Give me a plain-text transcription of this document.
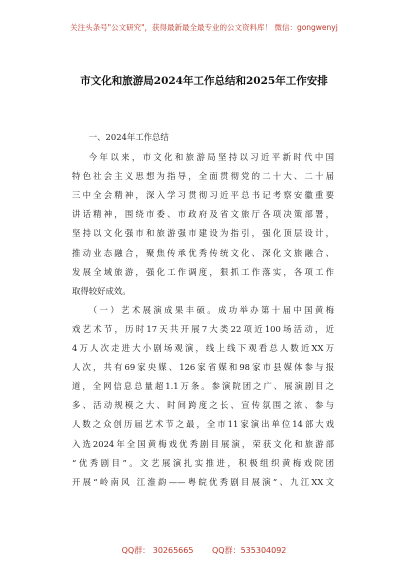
关注头条号"公文研究"，获得最新最全最专业的公文资料库！ 微信：gongwenyj
市文化和旅游局2024年工作总结和2025年工作安排

一、2024年工作总结

今年以来，市文化和旅游局坚持以习近平新时代中国
特色社会主义思想为指导，全面贯彻党的二十大、二十届
三中全会精神，深入学习贯彻习近平总书记考察安徽重要
讲话精神，围绕市委、市政府及省文旅厅各项决策部署，
坚持以文化强市和旅游强市建设为指引，强化顶层设计，
推动业态融合，聚焦传承优秀传统文化、深化文旅融合、
发展全域旅游，强化工作调度，狠抓工作落实，各项工作
取得较好成效。

（一）艺术展演成果丰硕。成功举办第十届中国黄梅
戏艺术节，历时17天共开展7大类22项近100场活动，近
4万人次走进大小剧场观演，线上线下观看总人数近XX万
人次，共有69家央媒、126家省媒和98家市县媒体参与报
道，全网信息总量超1.1万条。参演院团之广、展演剧目之
多、活动规模之大、时间跨度之长、宣传氛围之浓、参与
人数之众创历届艺术节之最，全市11家演出单位14部大戏
入选2024年全国黄梅戏优秀剧目展演，荣获文化和旅游部
“优秀剧目”。文艺展演扎实推进，积极组织黄梅戏院团
开展“岭南风 江淮韵——粤皖优秀剧目展演”、九江XX文

QQ群： 30265665 QQ群：535304092
